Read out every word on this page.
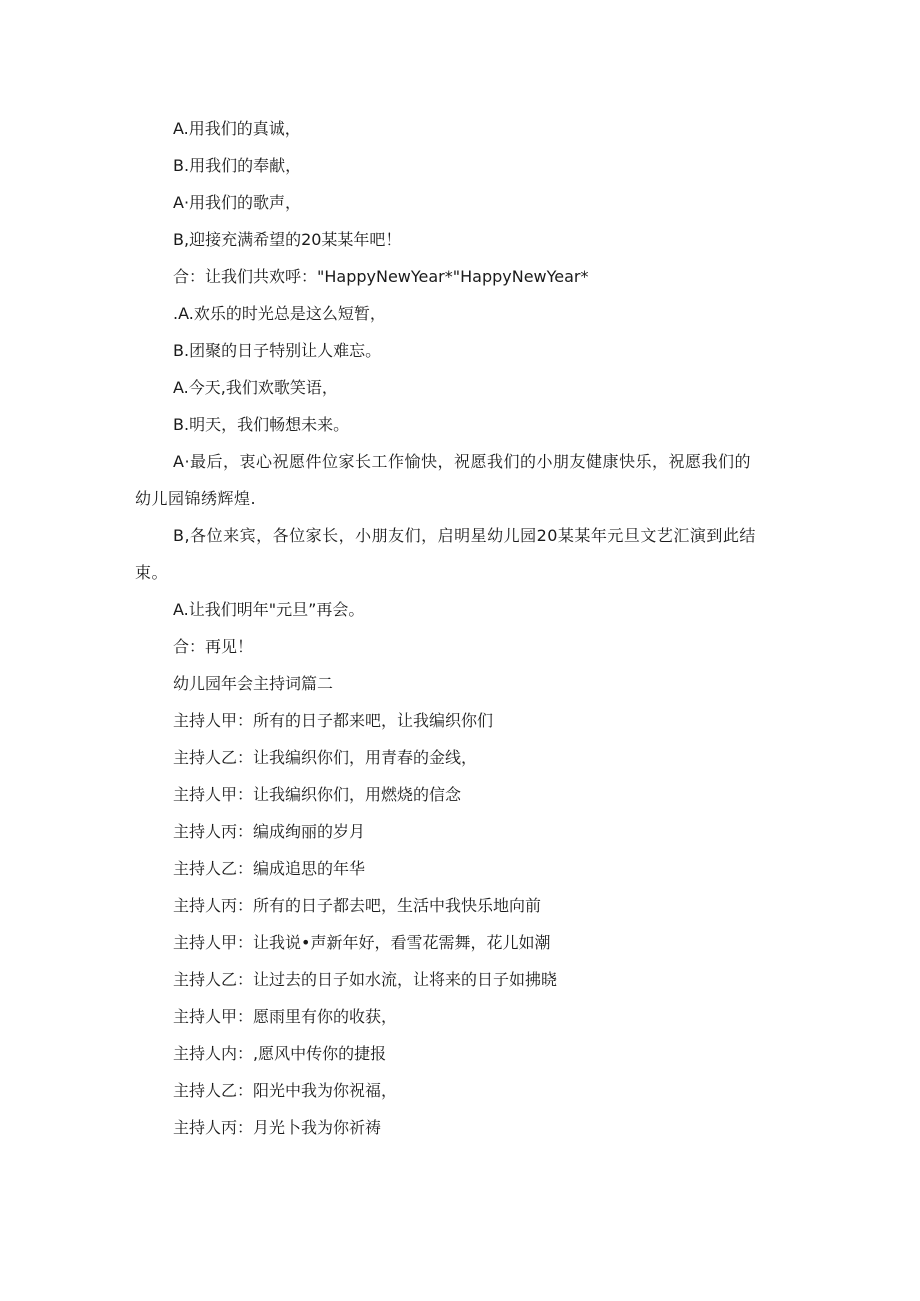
A.用我们的真诚，
B.用我们的奉献，
A·用我们的歌声，
B,迎接充满希望的20某某年吧！
合：让我们共欢呼："HappyNewYear*"HappyNewYear*
.A.欢乐的时光总是这么短暂，
B.团聚的日子特别让人难忘。
A.今天,我们欢歌笑语，
B.明天，我们畅想未来。
A·最后，衷心祝愿件位家长工作愉快，祝愿我们的小朋友健康快乐，祝愿我们的
幼儿园锦绣辉煌.
B,各位来宾，各位家长，小朋友们，启明星幼儿园20某某年元旦文艺汇演到此结
束。
A.让我们明年"元旦”再会。
合：再见！
幼儿园年会主持词篇二
主持人甲：所有的日子都来吧，让我编织你们
主持人乙：让我编织你们，用青春的金线，
主持人甲：让我编织你们，用燃烧的信念
主持人丙：编成绚丽的岁月
主持人乙：编成追思的年华
主持人丙：所有的日子都去吧，生活中我快乐地向前
主持人甲：让我说•声新年好，看雪花需舞，花儿如潮
主持人乙：让过去的日子如水流，让将来的日子如拂晓
主持人甲：愿雨里有你的收获，
主持人内：,愿风中传你的捷报
主持人乙：阳光中我为你祝福，
主持人丙：月光卜我为你祈祷
